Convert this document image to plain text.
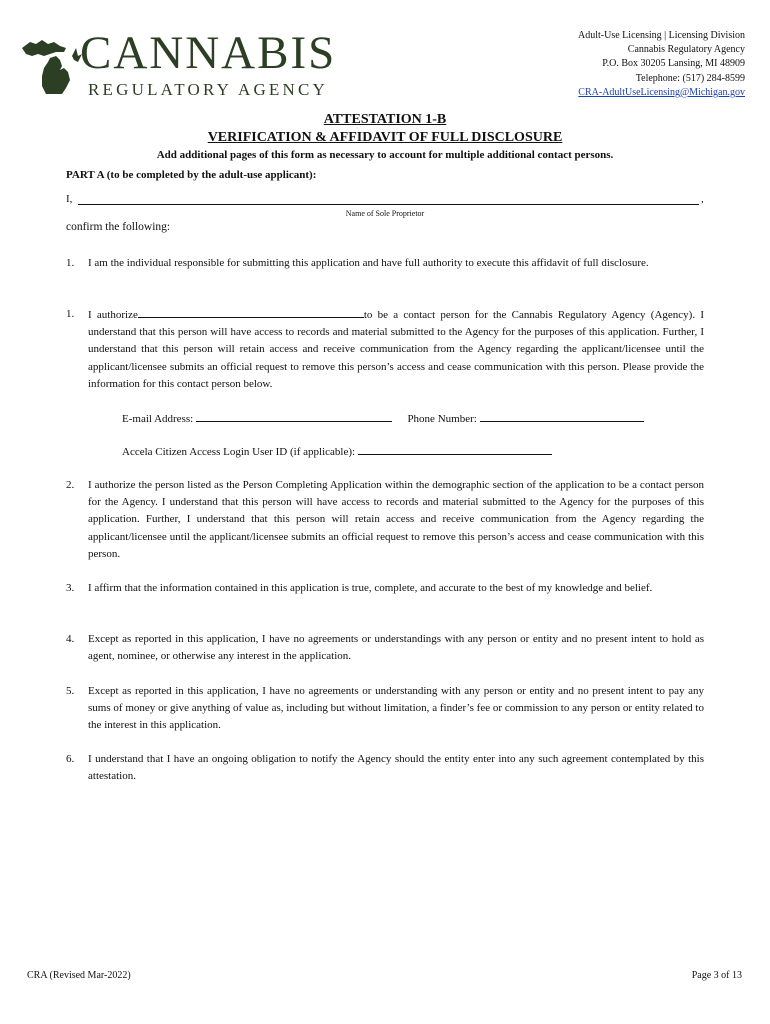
CANNABIS
REGULATORY AGENCY
Adult-Use Licensing | Licensing Division
Cannabis Regulatory Agency
P.O. Box 30205 Lansing, MI 48909
Telephone: (517) 284-8599
CRA-AdultUseLicensing@Michigan.gov
ATTESTATION 1-B
VERIFICATION & AFFIDAVIT OF FULL DISCLOSURE
Add additional pages of this form as necessary to account for multiple additional contact persons.
PART A (to be completed by the adult-use applicant):
I,	,
Name of Sole Proprietor
confirm the following:
1. I am the individual responsible for submitting this application and have full authority to execute this affidavit of full disclosure.
1. I authorize	to be a contact person for the Cannabis Regulatory Agency (Agency). I understand that this person will have access to records and material submitted to the Agency for the purposes of this application. Further, I understand that this person will retain access and receive communication from the Agency regarding the applicant/licensee until the applicant/licensee submits an official request to remove this person’s access and cease communication with this person. Please provide the information for this contact person below.
E-mail Address:	Phone Number:
Accela Citizen Access Login User ID (if applicable):
2. I authorize the person listed as the Person Completing Application within the demographic section of the application to be a contact person for the Agency. I understand that this person will have access to records and material submitted to the Agency for the purposes of this application. Further, I understand that this person will retain access and receive communication from the Agency regarding the applicant/licensee until the applicant/licensee submits an official request to remove this person’s access and cease communication with this person.
3. I affirm that the information contained in this application is true, complete, and accurate to the best of my knowledge and belief.
4. Except as reported in this application, I have no agreements or understandings with any person or entity and no present intent to hold as agent, nominee, or otherwise any interest in the application.
5. Except as reported in this application, I have no agreements or understanding with any person or entity and no present intent to pay any sums of money or give anything of value as, including but without limitation, a finder’s fee or commission to any person or entity related to the interest in this application.
6. I understand that I have an ongoing obligation to notify the Agency should the entity enter into any such agreement contemplated by this attestation.
CRA (Revised Mar-2022)	Page 3 of 13
